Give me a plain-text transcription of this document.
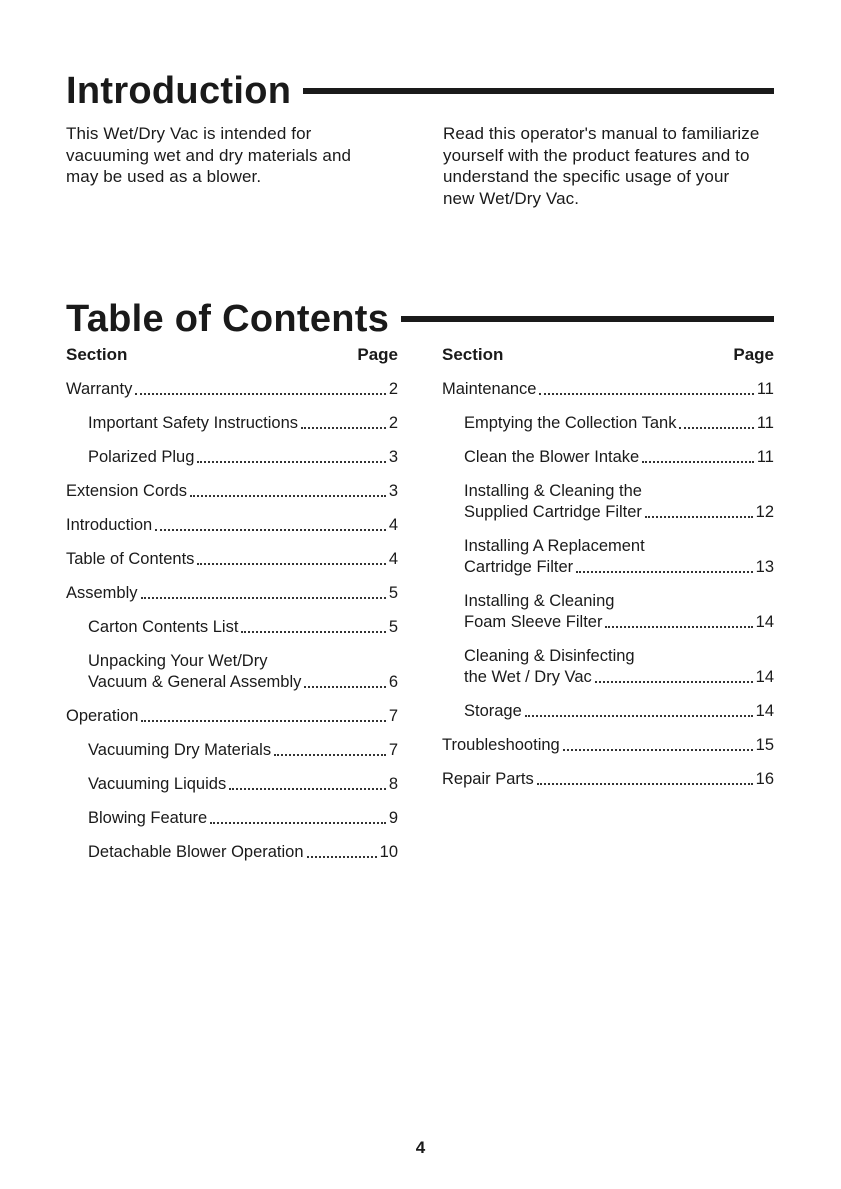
Introduction

This Wet/Dry Vac is intended for vacuuming wet and dry materials and may be used as a blower.

Read this operator's manual to familiarize yourself with the product features and to understand the specific usage of your new Wet/Dry Vac.

Table of Contents
Section	Page
Warranty	2
Important Safety Instructions	2
Polarized Plug	3
Extension Cords	3
Introduction	4
Table of Contents	4
Assembly	5
Carton Contents List	5
Unpacking Your Wet/Dry
Vacuum & General Assembly	6
Operation	7
Vacuuming Dry Materials	7
Vacuuming Liquids	8
Blowing Feature	9
Detachable Blower Operation	10
Section	Page
Maintenance	11
Emptying the Collection Tank	11
Clean the Blower Intake	11
Installing & Cleaning the
Supplied Cartridge Filter	12
Installing A Replacement
Cartridge Filter	13
Installing & Cleaning
Foam Sleeve Filter	14
Cleaning & Disinfecting
the Wet / Dry Vac	14
Storage	14
Troubleshooting	15
Repair Parts	16
4
